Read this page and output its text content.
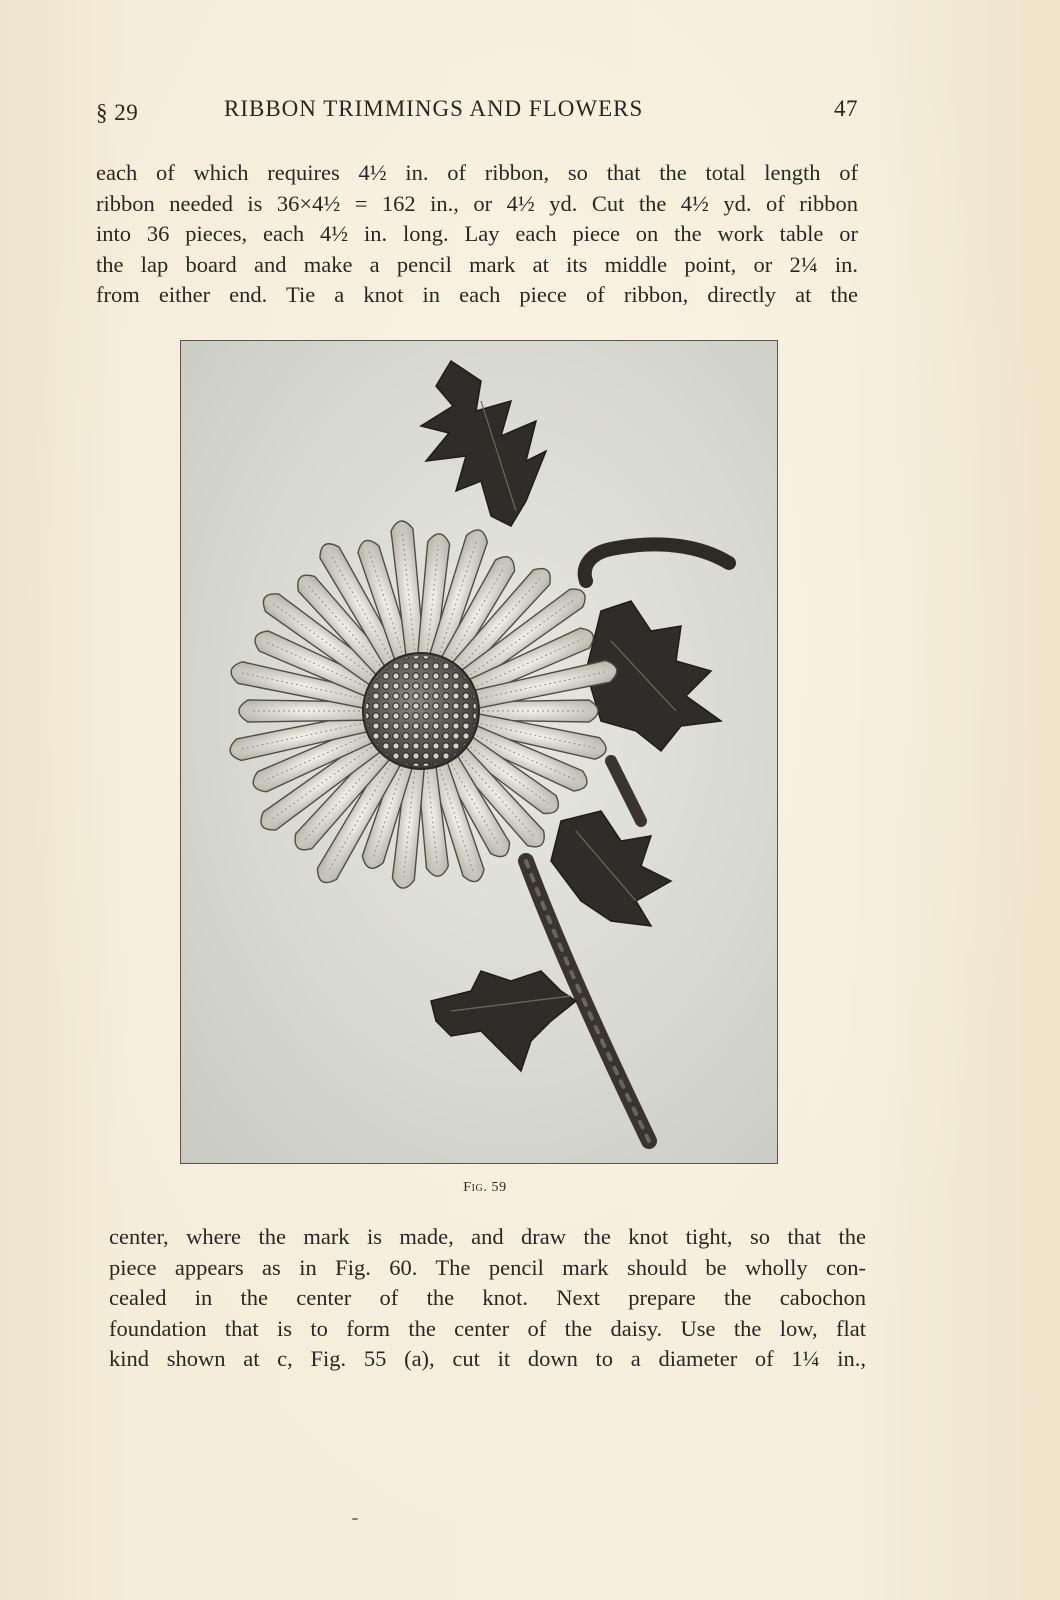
§ 29	RIBBON TRIMMINGS AND FLOWERS	47
each of which requires 4½ in. of ribbon, so that the total length of
ribbon needed is 36×4½ = 162 in., or 4½ yd. Cut the 4½ yd. of ribbon
into 36 pieces, each 4½ in. long. Lay each piece on the work table or
the lap board and make a pencil mark at its middle point, or 2¼ in.
from either end. Tie a knot in each piece of ribbon, directly at the
Fig. 59
center, where the mark is made, and draw the knot tight, so that the
piece appears as in Fig. 60. The pencil mark should be wholly con-
cealed in the center of the knot. Next prepare the cabochon
foundation that is to form the center of the daisy. Use the low, flat
kind shown at c, Fig. 55 (a), cut it down to a diameter of 1¼ in.,
